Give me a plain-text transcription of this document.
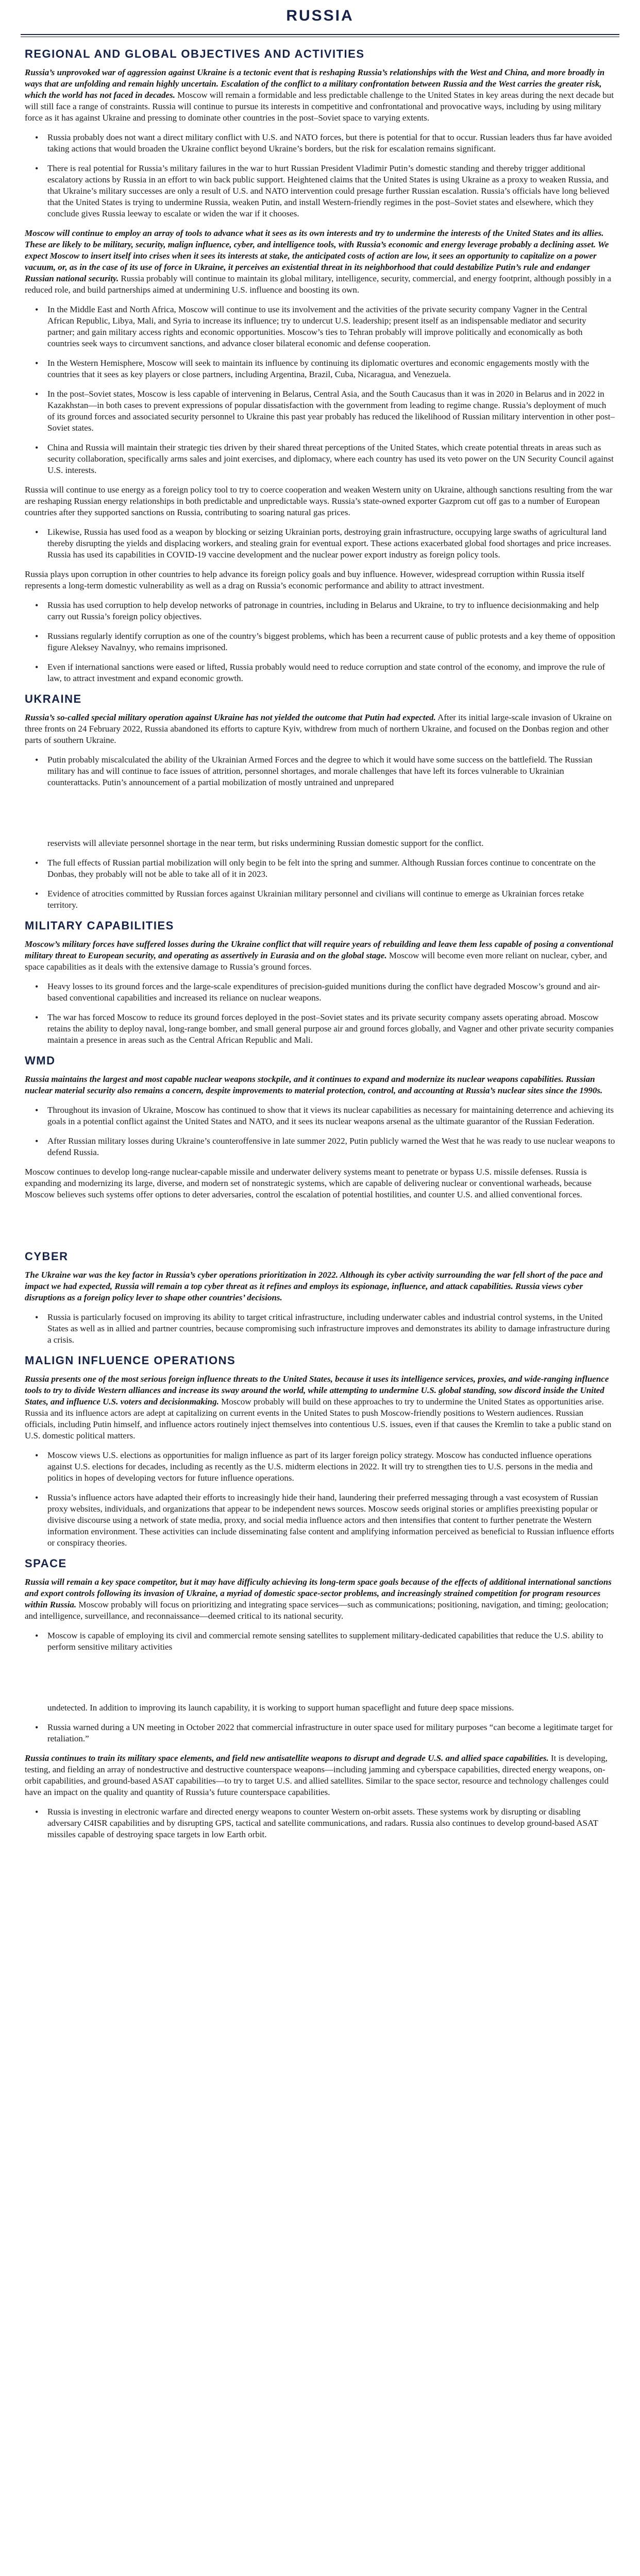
RUSSIA
REGIONAL AND GLOBAL OBJECTIVES AND ACTIVITIES

Russia’s unprovoked war of aggression against Ukraine is a tectonic event that is reshaping Russia’s relationships with the West and China, and more broadly in ways that are unfolding and remain highly uncertain. Escalation of the conflict to a military confrontation between Russia and the West carries the greater risk, which the world has not faced in decades. Moscow will remain a formidable and less predictable challenge to the United States in key areas during the next decade but will still face a range of constraints. Russia will continue to pursue its interests in competitive and confrontational and provocative ways, including by using military force as it has against Ukraine and pressing to dominate other countries in the post–Soviet space to varying extents.

• Russia probably does not want a direct military conflict with U.S. and NATO forces, but there is potential for that to occur. Russian leaders thus far have avoided taking actions that would broaden the Ukraine conflict beyond Ukraine’s borders, but the risk for escalation remains significant.
• There is real potential for Russia’s military failures in the war to hurt Russian President Vladimir Putin’s domestic standing and thereby trigger additional escalatory actions by Russia in an effort to win back public support. Heightened claims that the United States is using Ukraine as a proxy to weaken Russia, and that Ukraine’s military successes are only a result of U.S. and NATO intervention could presage further Russian escalation. Russia’s officials have long believed that the United States is trying to undermine Russia, weaken Putin, and install Western-friendly regimes in the post–Soviet states and elsewhere, which they conclude gives Russia leeway to escalate or widen the war if it chooses.

Moscow will continue to employ an array of tools to advance what it sees as its own interests and try to undermine the interests of the United States and its allies. These are likely to be military, security, malign influence, cyber, and intelligence tools, with Russia’s economic and energy leverage probably a declining asset. We expect Moscow to insert itself into crises when it sees its interests at stake, the anticipated costs of action are low, it sees an opportunity to capitalize on a power vacuum, or, as in the case of its use of force in Ukraine, it perceives an existential threat in its neighborhood that could destabilize Putin’s rule and endanger Russian national security. Russia probably will continue to maintain its global military, intelligence, security, commercial, and energy footprint, although possibly in a reduced role, and build partnerships aimed at undermining U.S. influence and boosting its own.

• In the Middle East and North Africa, Moscow will continue to use its involvement and the activities of the private security company Vagner in the Central African Republic, Libya, Mali, and Syria to increase its influence; try to undercut U.S. leadership; present itself as an indispensable mediator and security partner; and gain military access rights and economic opportunities. Moscow’s ties to Tehran probably will improve politically and economically as both countries seek ways to circumvent sanctions, and advance closer bilateral economic and defense cooperation.
• In the Western Hemisphere, Moscow will seek to maintain its influence by continuing its diplomatic overtures and economic engagements mostly with the countries that it sees as key players or close partners, including Argentina, Brazil, Cuba, Nicaragua, and Venezuela.
• In the post–Soviet states, Moscow is less capable of intervening in Belarus, Central Asia, and the South Caucasus than it was in 2020 in Belarus and in 2022 in Kazakhstan—in both cases to prevent expressions of popular dissatisfaction with the government from leading to regime change. Russia’s deployment of much of its ground forces and associated security personnel to Ukraine this past year probably has reduced the likelihood of Russian military intervention in other post–Soviet states.
• China and Russia will maintain their strategic ties driven by their shared threat perceptions of the United States, which create potential threats in areas such as security collaboration, specifically arms sales and joint exercises, and diplomacy, where each country has used its veto power on the UN Security Council against U.S. interests.

Russia will continue to use energy as a foreign policy tool to try to coerce cooperation and weaken Western unity on Ukraine, although sanctions resulting from the war are reshaping Russian energy relationships in both predictable and unpredictable ways. Russia’s state-owned exporter Gazprom cut off gas to a number of European countries after they supported sanctions on Russia, contributing to soaring natural gas prices.

• Likewise, Russia has used food as a weapon by blocking or seizing Ukrainian ports, destroying grain infrastructure, occupying large swaths of agricultural land thereby disrupting the yields and displacing workers, and stealing grain for eventual export. These actions exacerbated global food shortages and price increases. Russia has used its capabilities in COVID-19 vaccine development and the nuclear power export industry as foreign policy tools.

Russia plays upon corruption in other countries to help advance its foreign policy goals and buy influence. However, widespread corruption within Russia itself represents a long-term domestic vulnerability as well as a drag on Russia’s economic performance and ability to attract investment.

• Russia has used corruption to help develop networks of patronage in countries, including in Belarus and Ukraine, to try to influence decisionmaking and help carry out Russia’s foreign policy objectives.
• Russians regularly identify corruption as one of the country’s biggest problems, which has been a recurrent cause of public protests and a key theme of opposition figure Aleksey Navalnyy, who remains imprisoned.
• Even if international sanctions were eased or lifted, Russia probably would need to reduce corruption and state control of the economy, and improve the rule of law, to attract investment and expand economic growth.
UKRAINE

Russia’s so-called special military operation against Ukraine has not yielded the outcome that Putin had expected. After its initial large-scale invasion of Ukraine on three fronts on 24 February 2022, Russia abandoned its efforts to capture Kyiv, withdrew from much of northern Ukraine, and focused on the Donbas region and other parts of southern Ukraine.

• Putin probably miscalculated the ability of the Ukrainian Armed Forces and the degree to which it would have some success on the battlefield. The Russian military has and will continue to face issues of attrition, personnel shortages, and morale challenges that have left its forces vulnerable to Ukrainian counterattacks. Putin’s announcement of a partial mobilization of mostly untrained and unprepared

reservists will alleviate personnel shortage in the near term, but risks undermining Russian domestic support for the conflict.

• The full effects of Russian partial mobilization will only begin to be felt into the spring and summer. Although Russian forces continue to concentrate on the Donbas, they probably will not be able to take all of it in 2023.
• Evidence of atrocities committed by Russian forces against Ukrainian military personnel and civilians will continue to emerge as Ukrainian forces retake territory.
MILITARY CAPABILITIES

Moscow’s military forces have suffered losses during the Ukraine conflict that will require years of rebuilding and leave them less capable of posing a conventional military threat to European security, and operating as assertively in Eurasia and on the global stage. Moscow will become even more reliant on nuclear, cyber, and space capabilities as it deals with the extensive damage to Russia’s ground forces.

• Heavy losses to its ground forces and the large-scale expenditures of precision-guided munitions during the conflict have degraded Moscow’s ground and air-based conventional capabilities and increased its reliance on nuclear weapons.
• The war has forced Moscow to reduce its ground forces deployed in the post–Soviet states and its private security company assets operating abroad. Moscow retains the ability to deploy naval, long-range bomber, and small general purpose air and ground forces globally, and Vagner and other private security companies maintain a presence in areas such as the Central African Republic and Mali.
WMD

Russia maintains the largest and most capable nuclear weapons stockpile, and it continues to expand and modernize its nuclear weapons capabilities. Russian nuclear material security also remains a concern, despite improvements to material protection, control, and accounting at Russia’s nuclear sites since the 1990s.

• Throughout its invasion of Ukraine, Moscow has continued to show that it views its nuclear capabilities as necessary for maintaining deterrence and achieving its goals in a potential conflict against the United States and NATO, and it sees its nuclear weapons arsenal as the ultimate guarantor of the Russian Federation.
• After Russian military losses during Ukraine’s counteroffensive in late summer 2022, Putin publicly warned the West that he was ready to use nuclear weapons to defend Russia.

Moscow continues to develop long-range nuclear-capable missile and underwater delivery systems meant to penetrate or bypass U.S. missile defenses. Russia is expanding and modernizing its large, diverse, and modern set of nonstrategic systems, which are capable of delivering nuclear or conventional warheads, because Moscow believes such systems offer options to deter adversaries, control the escalation of potential hostilities, and counter U.S. and allied conventional forces.

CYBER

The Ukraine war was the key factor in Russia’s cyber operations prioritization in 2022. Although its cyber activity surrounding the war fell short of the pace and impact we had expected, Russia will remain a top cyber threat as it refines and employs its espionage, influence, and attack capabilities. Russia views cyber disruptions as a foreign policy lever to shape other countries’ decisions.

• Russia is particularly focused on improving its ability to target critical infrastructure, including underwater cables and industrial control systems, in the United States as well as in allied and partner countries, because compromising such infrastructure improves and demonstrates its ability to damage infrastructure during a crisis.
MALIGN INFLUENCE OPERATIONS

Russia presents one of the most serious foreign influence threats to the United States, because it uses its intelligence services, proxies, and wide-ranging influence tools to try to divide Western alliances and increase its sway around the world, while attempting to undermine U.S. global standing, sow discord inside the United States, and influence U.S. voters and decisionmaking. Moscow probably will build on these approaches to try to undermine the United States as opportunities arise. Russia and its influence actors are adept at capitalizing on current events in the United States to push Moscow-friendly positions to Western audiences. Russian officials, including Putin himself, and influence actors routinely inject themselves into contentious U.S. issues, even if that causes the Kremlin to take a public stand on U.S. domestic political matters.

• Moscow views U.S. elections as opportunities for malign influence as part of its larger foreign policy strategy. Moscow has conducted influence operations against U.S. elections for decades, including as recently as the U.S. midterm elections in 2022. It will try to strengthen ties to U.S. persons in the media and politics in hopes of developing vectors for future influence operations.
• Russia’s influence actors have adapted their efforts to increasingly hide their hand, laundering their preferred messaging through a vast ecosystem of Russian proxy websites, individuals, and organizations that appear to be independent news sources. Moscow seeds original stories or amplifies preexisting popular or divisive discourse using a network of state media, proxy, and social media influence actors and then intensifies that content to further penetrate the Western information environment. These activities can include disseminating false content and amplifying information perceived as beneficial to Russian influence efforts or conspiracy theories.
SPACE

Russia will remain a key space competitor, but it may have difficulty achieving its long-term space goals because of the effects of additional international sanctions and export controls following its invasion of Ukraine, a myriad of domestic space-sector problems, and increasingly strained competition for program resources within Russia. Moscow probably will focus on prioritizing and integrating space services—such as communications; positioning, navigation, and timing; geolocation; and intelligence, surveillance, and reconnaissance—deemed critical to its national security.

• Moscow is capable of employing its civil and commercial remote sensing satellites to supplement military-dedicated capabilities that reduce the U.S. ability to perform sensitive military activities

undetected. In addition to improving its launch capability, it is working to support human spaceflight and future deep space missions.

• Russia warned during a UN meeting in October 2022 that commercial infrastructure in outer space used for military purposes “can become a legitimate target for retaliation.”

Russia continues to train its military space elements, and field new antisatellite weapons to disrupt and degrade U.S. and allied space capabilities. It is developing, testing, and fielding an array of nondestructive and destructive counterspace weapons—including jamming and cyberspace capabilities, directed energy weapons, on-orbit capabilities, and ground-based ASAT capabilities—to try to target U.S. and allied satellites. Similar to the space sector, resource and technology challenges could have an impact on the quality and quantity of Russia’s future counterspace capabilities.

• Russia is investing in electronic warfare and directed energy weapons to counter Western on-orbit assets. These systems work by disrupting or disabling adversary C4ISR capabilities and by disrupting GPS, tactical and satellite communications, and radars. Russia also continues to develop ground-based ASAT missiles capable of destroying space targets in low Earth orbit.
